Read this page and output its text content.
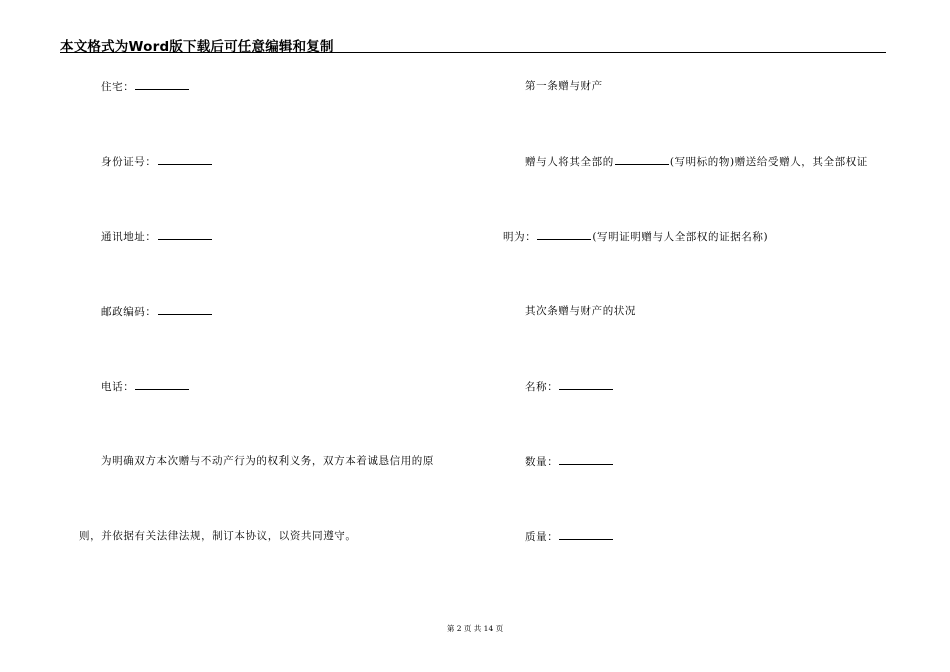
本文格式为Word版下载后可任意编辑和复制
住宅：
身份证号：
通讯地址：
邮政编码：
电话：
为明确双方本次赠与不动产行为的权利义务，双方本着诚恳信用的原
则，并依据有关法律法规，制订本协议，以资共同遵守。
第一条赠与财产
赠与人将其全部的	(写明标的物)赠送给受赠人，其全部权证
明为：	(写明证明赠与人全部权的证据名称)
其次条赠与财产的状况
名称：
数量：
质量：
第 2 页 共 14 页
